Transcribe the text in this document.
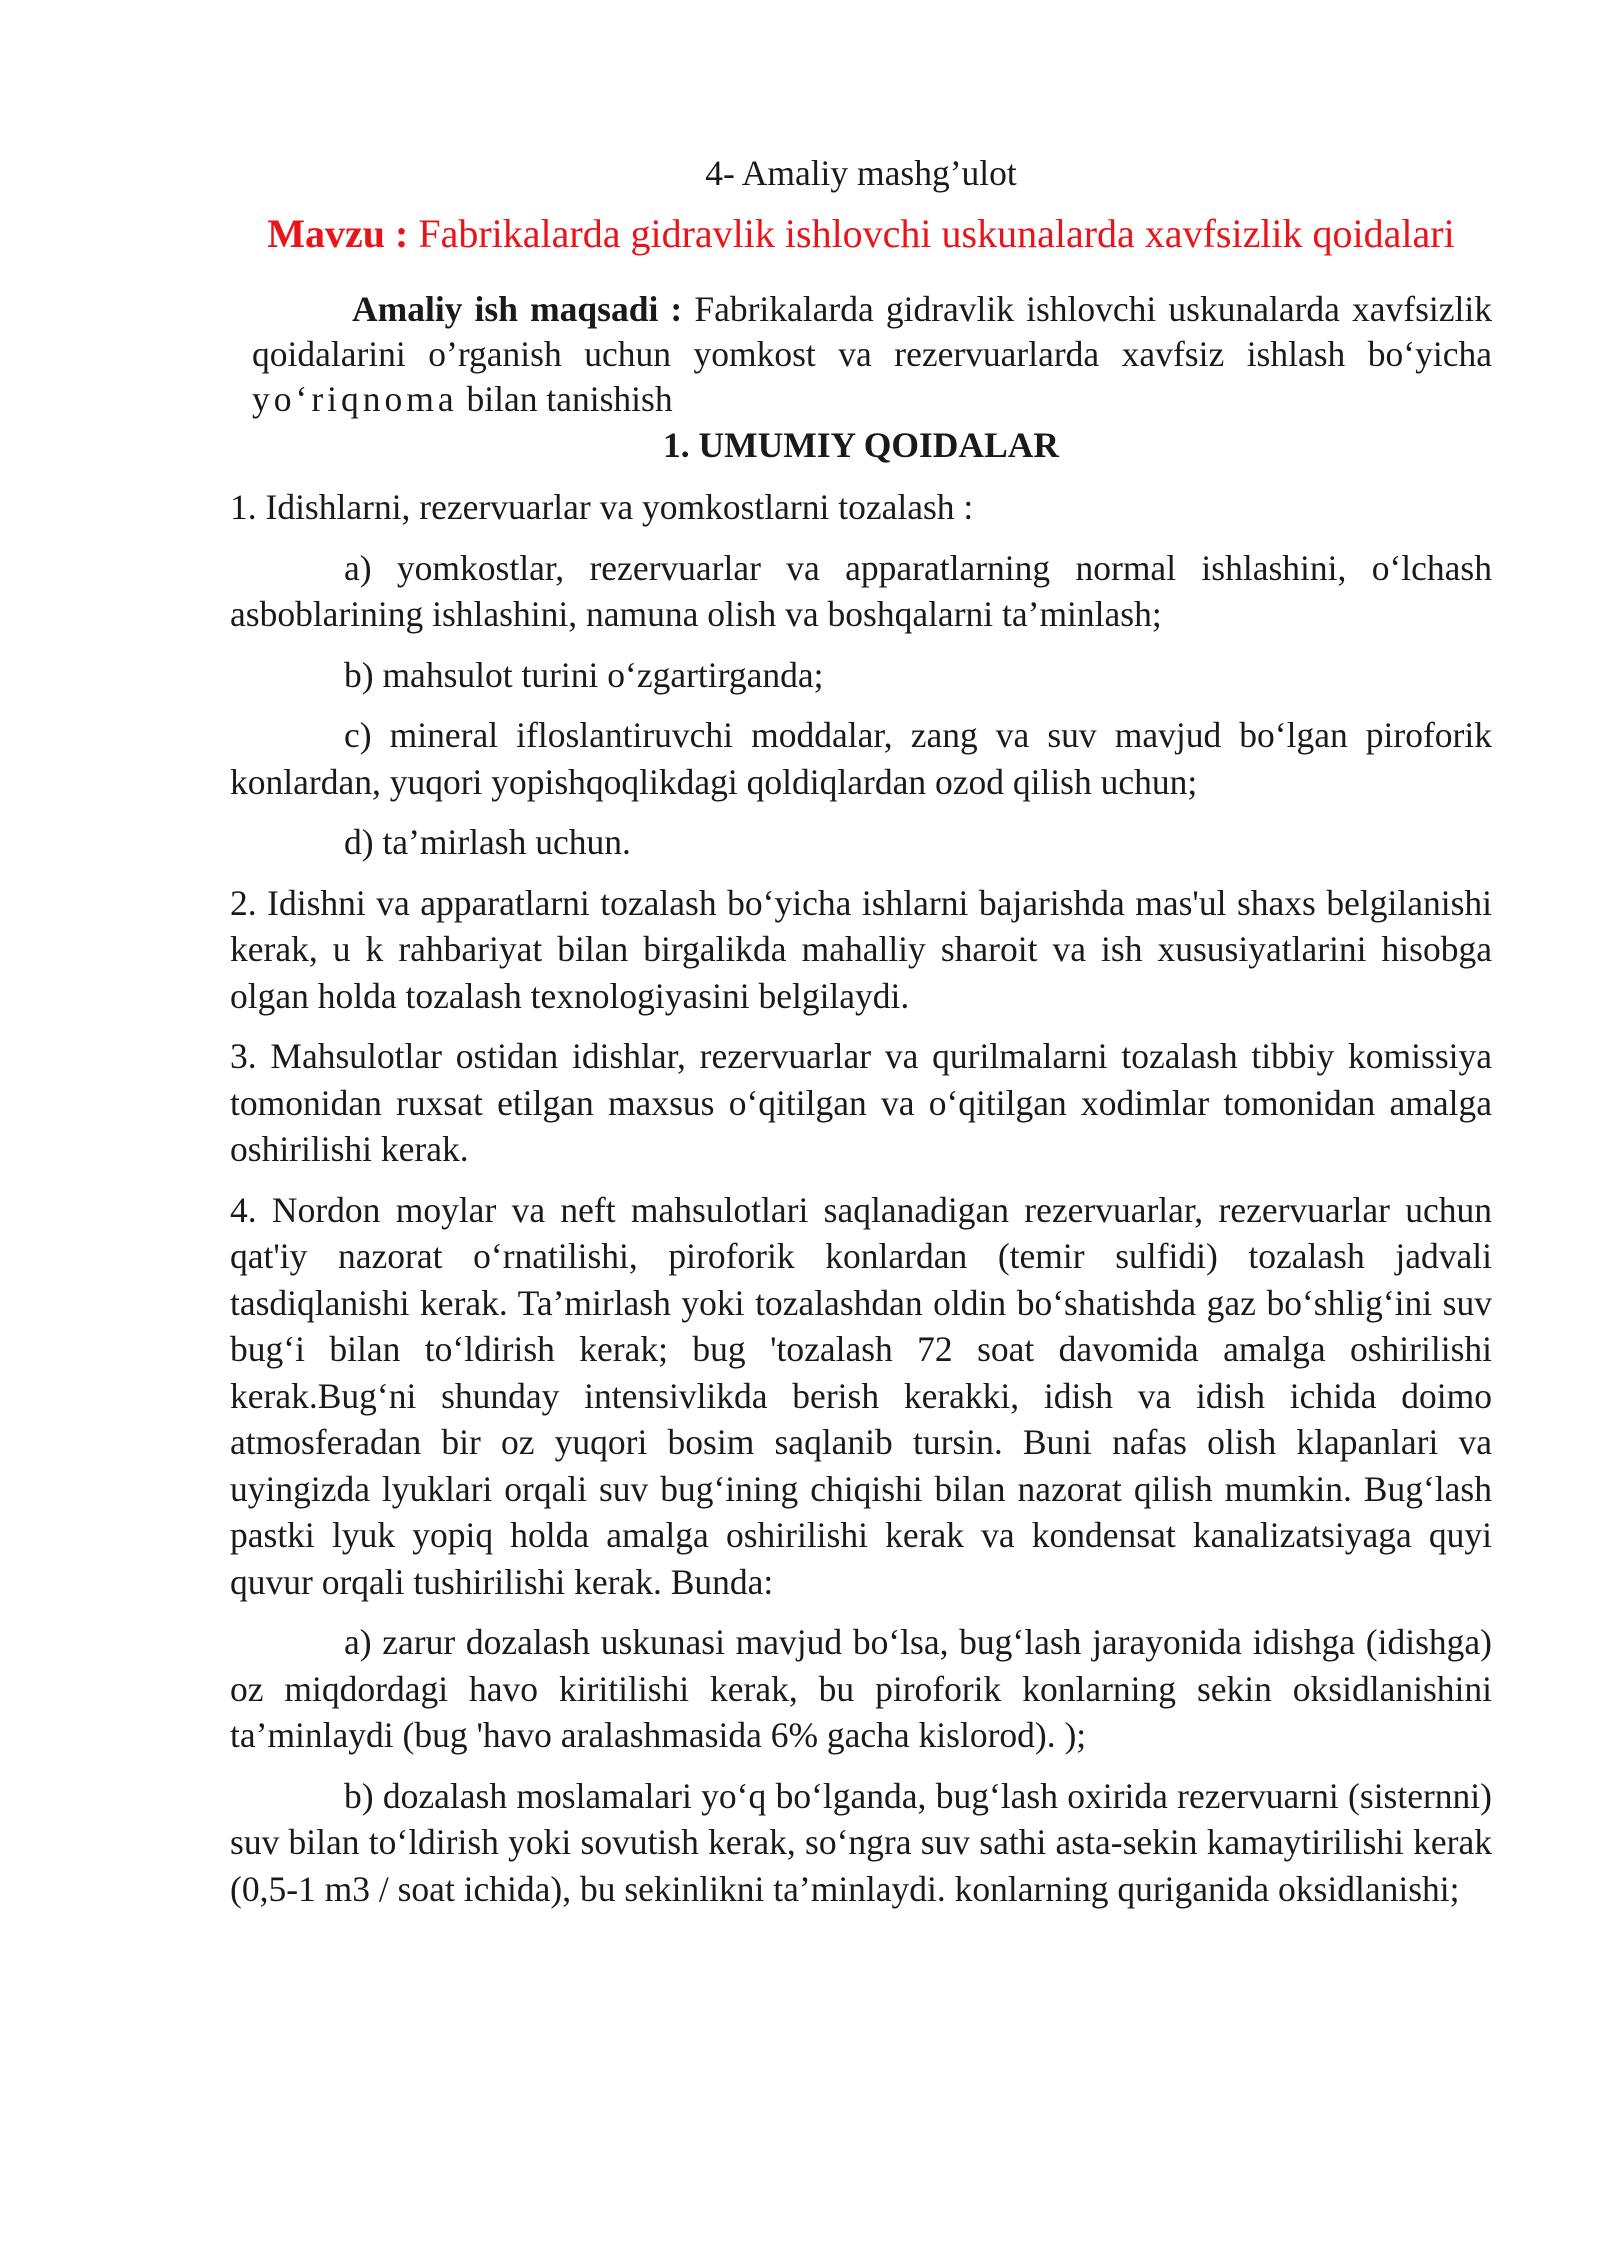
4- Amaliy mashg’ulot

Mavzu : Fabrikalarda gidravlik ishlovchi uskunalarda xavfsizlik qoidalari

Amaliy ish maqsadi : Fabrikalarda gidravlik ishlovchi uskunalarda xavfsizlik qoidalarini o’rganish uchun yomkost va rezervuarlarda xavfsiz ishlash bo‘yicha yo‘riqnoma bilan tanishish

1. UMUMIY QOIDALAR

1. Idishlarni, rezervuarlar va yomkostlarni tozalash :

a) yomkostlar, rezervuarlar va apparatlarning normal ishlashini, o‘lchash asboblarining ishlashini, namuna olish va boshqalarni ta’minlash;

b) mahsulot turini o‘zgartirganda;

c) mineral ifloslantiruvchi moddalar, zang va suv mavjud bo‘lgan piroforik konlardan, yuqori yopishqoqlikdagi qoldiqlardan ozod qilish uchun;

d) ta’mirlash uchun.

2. Idishni va apparatlarni tozalash bo‘yicha ishlarni bajarishda mas'ul shaxs belgilanishi kerak, u k rahbariyat bilan birgalikda mahalliy sharoit va ish xususiyatlarini hisobga olgan holda tozalash texnologiyasini belgilaydi.

3. Mahsulotlar ostidan idishlar, rezervuarlar va qurilmalarni tozalash tibbiy komissiya tomonidan ruxsat etilgan maxsus o‘qitilgan va o‘qitilgan xodimlar tomonidan amalga oshirilishi kerak.

4. Nordon moylar va neft mahsulotlari saqlanadigan rezervuarlar, rezervuarlar uchun qat'iy nazorat o‘rnatilishi, piroforik konlardan (temir sulfidi) tozalash jadvali tasdiqlanishi kerak. Ta’mirlash yoki tozalashdan oldin bo‘shatishda gaz bo‘shlig‘ini suv bug‘i bilan to‘ldirish kerak; bug 'tozalash 72 soat davomida amalga oshirilishi kerak.Bug‘ni shunday intensivlikda berish kerakki, idish va idish ichida doimo atmosferadan bir oz yuqori bosim saqlanib tursin. Buni nafas olish klapanlari va uyingizda lyuklari orqali suv bug‘ining chiqishi bilan nazorat qilish mumkin. Bug‘lash pastki lyuk yopiq holda amalga oshirilishi kerak va kondensat kanalizatsiyaga quyi quvur orqali tushirilishi kerak. Bunda:

a) zarur dozalash uskunasi mavjud bo‘lsa, bug‘lash jarayonida idishga (idishga) oz miqdordagi havo kiritilishi kerak, bu piroforik konlarning sekin oksidlanishini ta’minlaydi (bug 'havo aralashmasida 6% gacha kislorod). );

b) dozalash moslamalari yo‘q bo‘lganda, bug‘lash oxirida rezervuarni (sisternni) suv bilan to‘ldirish yoki sovutish kerak, so‘ngra suv sathi asta-sekin kamaytirilishi kerak (0,5-1 m3 / soat ichida), bu sekinlikni ta’minlaydi. konlarning quriganida oksidlanishi;
